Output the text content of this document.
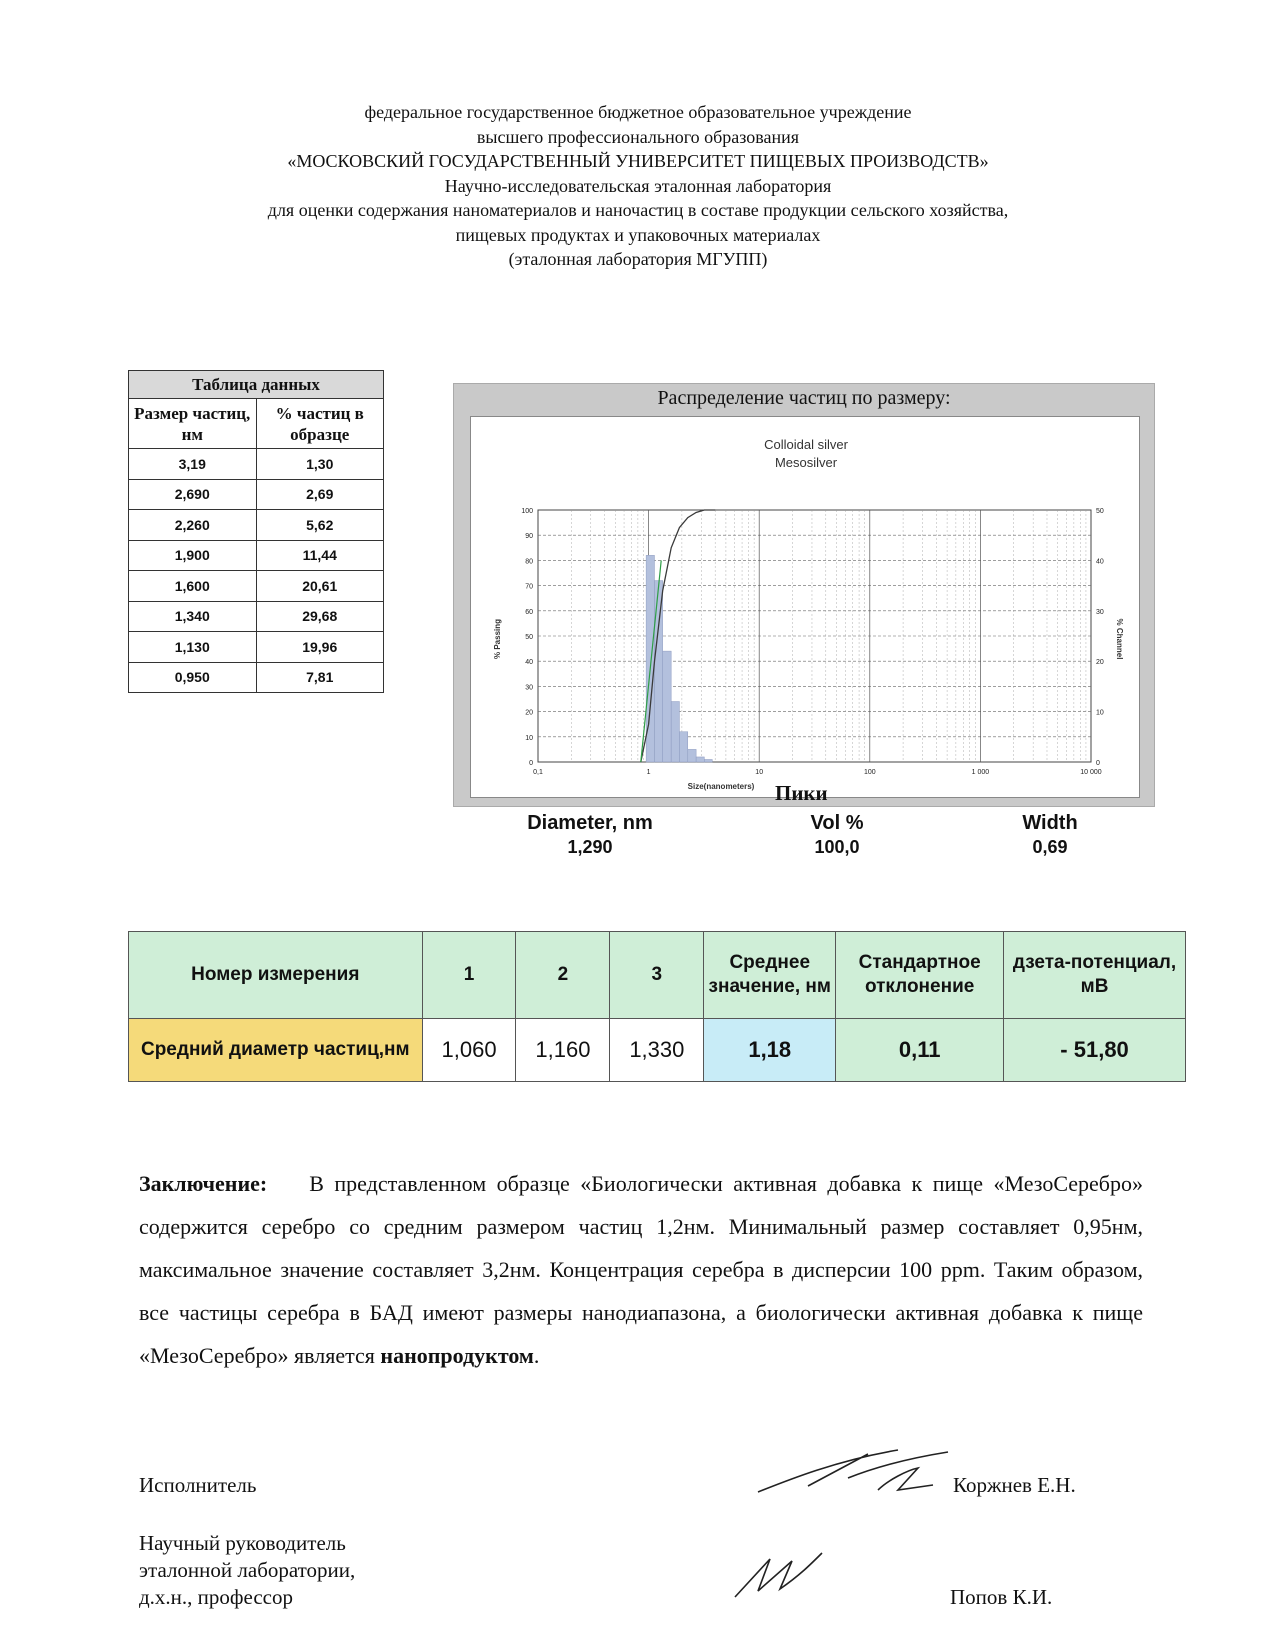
федеральное государственное бюджетное образовательное учреждение
высшего профессионального образования
«МОСКОВСКИЙ ГОСУДАРСТВЕННЫЙ УНИВЕРСИТЕТ ПИЩЕВЫХ ПРОИЗВОДСТВ»
Научно-исследовательская эталонная лаборатория
для оценки содержания наноматериалов и наночастиц в составе продукции сельского хозяйства,
пищевых продуктах и упаковочных материалах
(эталонная лаборатория МГУПП)
Таблица данных	
Размер частиц, нм	% частиц в образце
3,19	1,30
2,690	2,69
2,260	5,62
1,900	11,44
1,600	20,61
1,340	29,68
1,130	19,96
0,950	7,81
Распределение частиц по размеру:
Colloidal silver
Mesosilver
% Passing	% Channel
Size(nanometers)
0
10
20
30
40
50
60
70
80
90
100
0
10
20
30
40
50
0,1	1	10	100	1 000	10 000
Пики
Diameter, nm
1,290
Vol %
100,0
Width
0,69
Номер измерения	1	2	3	Среднее значение, нм	Стандартное отклонение	дзета-потенциал, мВ
Средний диаметр частиц,нм	1,060	1,160	1,330	1,18	0,11	- 51,80
Заключение: В представленном образце «Биологически активная добавка к пище «МезоСеребро» содержится серебро со средним размером частиц 1,2нм. Минимальный размер составляет 0,95нм, максимальное значение составляет 3,2нм. Концентрация серебра в дисперсии 100 ppm. Таким образом, все частицы серебра в БАД имеют размеры нанодиапазона, а биологически активная добавка к пище «МезоСеребро» является нанопродуктом.
Исполнитель	Коржнев Е.Н.
Научный руководитель
эталонной лаборатории,
д.х.н., профессор	Попов К.И.
